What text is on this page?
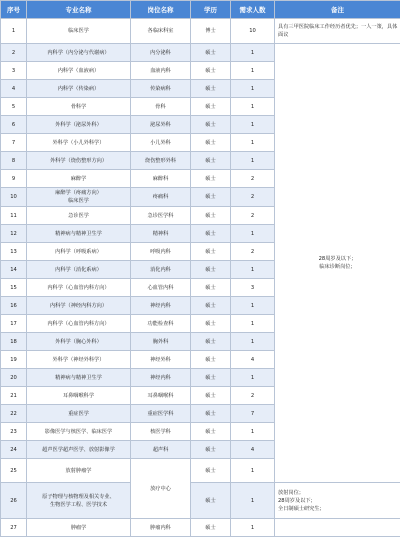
序号	专业名称	岗位名称	学历	需求人数	备注
1	临床医学	各临床科室	博士	10	具有三甲医院临床工作经历者优先；一人一策，具体面议
2	内科学（内分泌与代谢病）	内分泌科	硕士	1	28周岁及以下；
临床诊断岗位；
3	内科学（血液病）	血液内科	硕士	1	
4	内科学（传染病）	传染病科	硕士	1	
5	骨科学	骨科	硕士	1	
6	外科学（泌尿外科）	泌尿外科	硕士	1	
7	外科学（小儿外科学）	小儿外科	硕士	1	
8	外科学（烧伤整形方向）	烧伤整形外科	硕士	1	
9	麻醉学	麻醉科	硕士	2	
10	麻醉学（疼痛方向）
临床医学	疼痛科	硕士	2	
11	急诊医学	急诊医学科	硕士	2	
12	精神病与精神卫生学	精神科	硕士	1	
13	内科学（呼吸系病）	呼吸内科	硕士	2	
14	内科学（消化系病）	消化内科	硕士	1	
15	内科学（心血管内科方向）	心血管内科	硕士	3	
16	内科学（神经内科方向）	神经内科	硕士	1	
17	内科学（心血管内科方向）	功能检查科	硕士	1	
18	外科学（胸心外科）	胸外科	硕士	1	
19	外科学（神经外科学）	神经外科	硕士	4	
20	精神病与精神卫生学	神经内科	硕士	1	
21	耳鼻咽喉科学	耳鼻咽喉科	硕士	2	
22	重症医学	重症医学科	硕士	7	
23	影像医学与核医学、临床医学	核医学科	硕士	1	
24	超声医学超声医学、放射影像学	超声科	硕士	4	
25	放射肿瘤学	放疗中心	硕士	1	
26	原子物理与核物理及相关专业、
生物医学工程、医学技术		硕士	1	放射岗位；
28周岁及以下；
全日制硕士研究生；
27	肿瘤学	肿瘤内科	硕士	1	
